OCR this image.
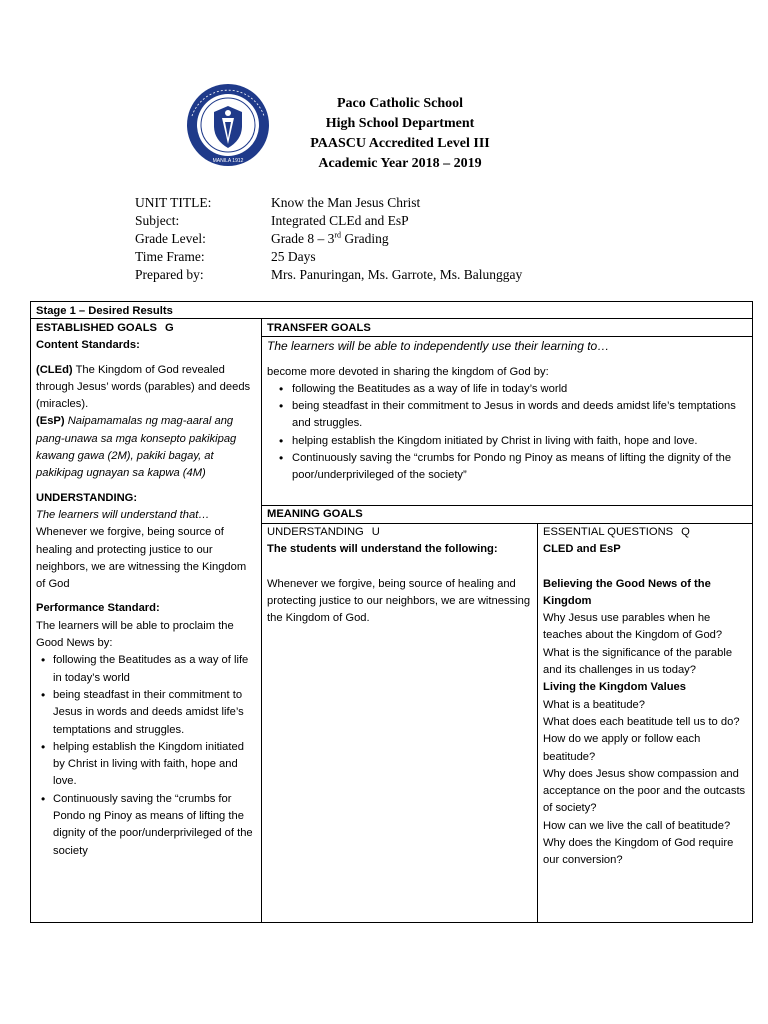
MANILA 1912
Paco Catholic School
High School Department
PAASCU Accredited Level III
Academic Year 2018 – 2019
UNIT TITLE:	Know the Man Jesus Christ
Subject:	Integrated CLEd and EsP
Grade Level:	Grade 8 – 3rd Grading
Time Frame:	25 Days
Prepared by:	Mrs. Panuringan, Ms. Garrote, Ms. Balunggay
Stage 1 – Desired Results

ESTABLISHED GOALS G

Content Standards:

(CLEd) The Kingdom of God revealed through Jesus’ words (parables) and deeds (miracles).

(EsP) Naipamamalas ng mag-aaral ang pang-unawa sa mga konsepto pakikipag kawang gawa (2M), pakiki bagay, at pakikipag ugnayan sa kapwa (4M)

UNDERSTANDING:

The learners will understand that…

Whenever we forgive, being source of healing and protecting justice to our neighbors, we are witnessing the Kingdom of God

Performance Standard:

The learners will be able to proclaim the Good News by:

• following the Beatitudes as a way of life in today’s world
• being steadfast in their commitment to Jesus in words and deeds amidst life’s temptations and struggles.
• helping establish the Kingdom initiated by Christ in living with faith, hope and love.
• Continuously saving the “crumbs for Pondo ng Pinoy as means of lifting the dignity of the poor/underprivileged of the society

TRANSFER GOALS

The learners will be able to independently use their learning to…

become more devoted in sharing the kingdom of God by:

• following the Beatitudes as a way of life in today’s world
• being steadfast in their commitment to Jesus in words and deeds amidst life’s temptations and struggles.
• helping establish the Kingdom initiated by Christ in living with faith, hope and love.
• Continuously saving the “crumbs for Pondo ng Pinoy as means of lifting the dignity of the poor/underprivileged of the society”
MEANING GOALS

UNDERSTANDING U

The students will understand the following:

Whenever we forgive, being source of healing and protecting justice to our neighbors, we are witnessing the Kingdom of God.

ESSENTIAL QUESTIONS Q

CLED and EsP

Believing the Good News of the Kingdom

Why Jesus use parables when he teaches about the Kingdom of God?

What is the significance of the parable and its challenges in us today?

Living the Kingdom Values

What is a beatitude?

What does each beatitude tell us to do?

How do we apply or follow each beatitude?

Why does Jesus show compassion and acceptance on the poor and the outcasts of society?

How can we live the call of beatitude?

Why does the Kingdom of God require our conversion?
